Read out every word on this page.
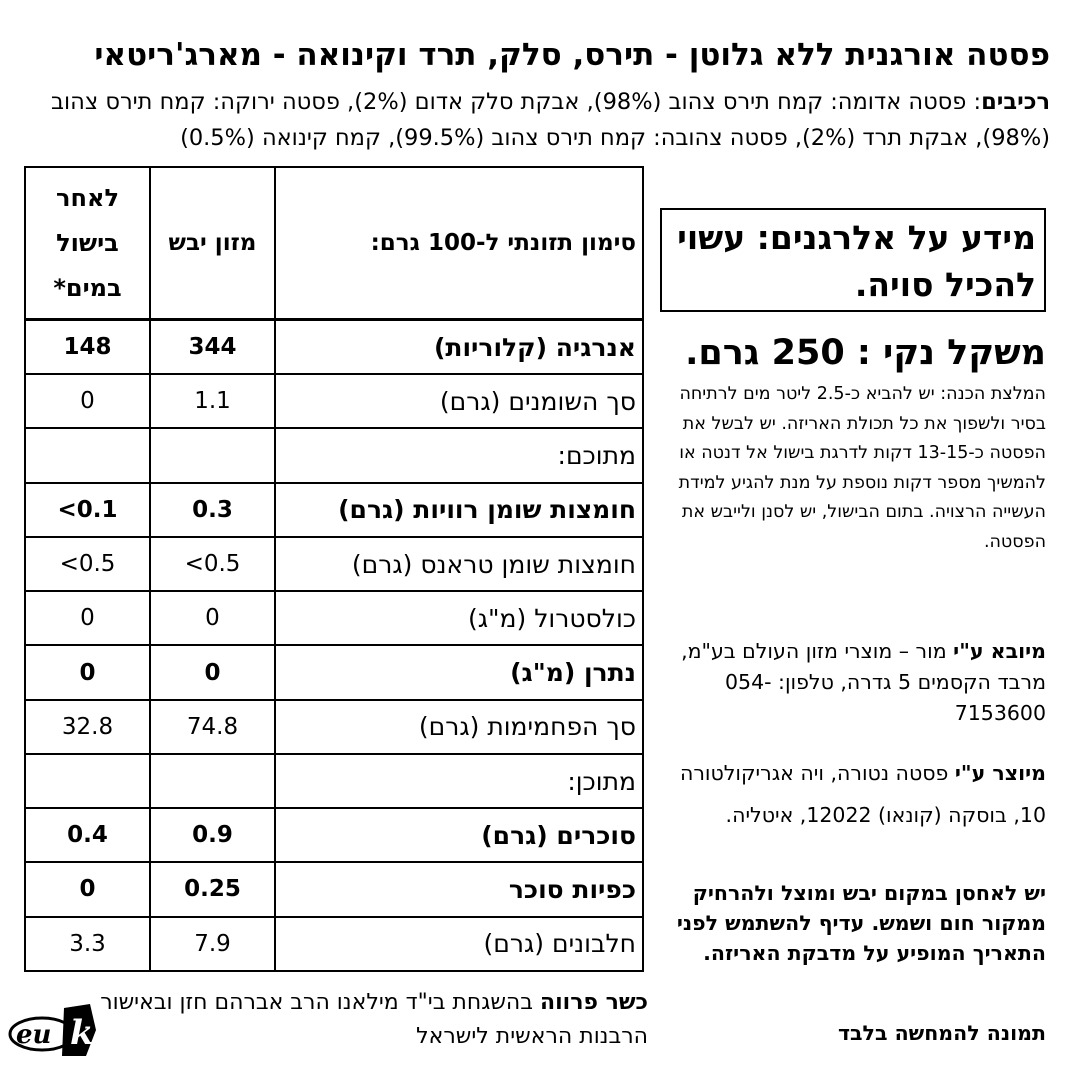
פסטה אורגנית ללא גלוטן - תירס, סלק, תרד וקינואה - מארג'ריטאי
רכיבים: פסטה אדומה: קמח תירס צהוב (98%), אבקת סלק אדום (2%), פסטה ירוקה: קמח תירס צהוב (98%), אבקת תרד (2%), פסטה צהובה: קמח תירס צהוב (99.5%), קמח קינואה (0.5%)
סימון תזונתי ל-100 גרם:	מזון יבש	לאחר בישול במים*
אנרגיה (קלוריות)	344	148
סך השומנים (גרם)	1.1	0
מתוכם:		
חומצות שומן רוויות (גרם)	0.3	<0.1
חומצות שומן טראנס (גרם)	<0.5	<0.5
כולסטרול (מ"ג)	0	0
נתרן (מ"ג)	0	0
סך הפחמימות (גרם)	74.8	32.8
מתוכן:		
סוכרים (גרם)	0.9	0.4
כפיות סוכר	0.25	0
חלבונים (גרם)	7.9	3.3
מידע על אלרגנים: עשוי להכיל סויה.
משקל נקי : 250 גרם.
המלצת הכנה: יש להביא כ-2.5 ליטר מים לרתיחה בסיר ולשפוך את כל תכולת האריזה. יש לבשל את הפסטה כ-13-15 דקות לדרגת בישול אל דנטה או להמשיך מספר דקות נוספת על מנת להגיע למידת העשייה הרצויה. בתום הבישול, יש לסנן ולייבש את הפסטה.
מיובא ע"י מור – מוצרי מזון העולם בע"מ, מרבד הקסמים 5 גדרה, טלפון: 054-7153600
מיוצר ע"י פסטה נטורה, ויה אגריקולטורה 10, בוסקה (קונאו) 12022, איטליה.
יש לאחסן במקום יבש ומוצל ולהרחיק ממקור חום ושמש. עדיף להשתמש לפני התאריך המופיע על מדבקת האריזה.
תמונה להמחשה בלבד
כשר פרווה בהשגחת בי"ד מילאנו הרב אברהם חזן ובאישור הרבנות הראשית לישראל
eu k
